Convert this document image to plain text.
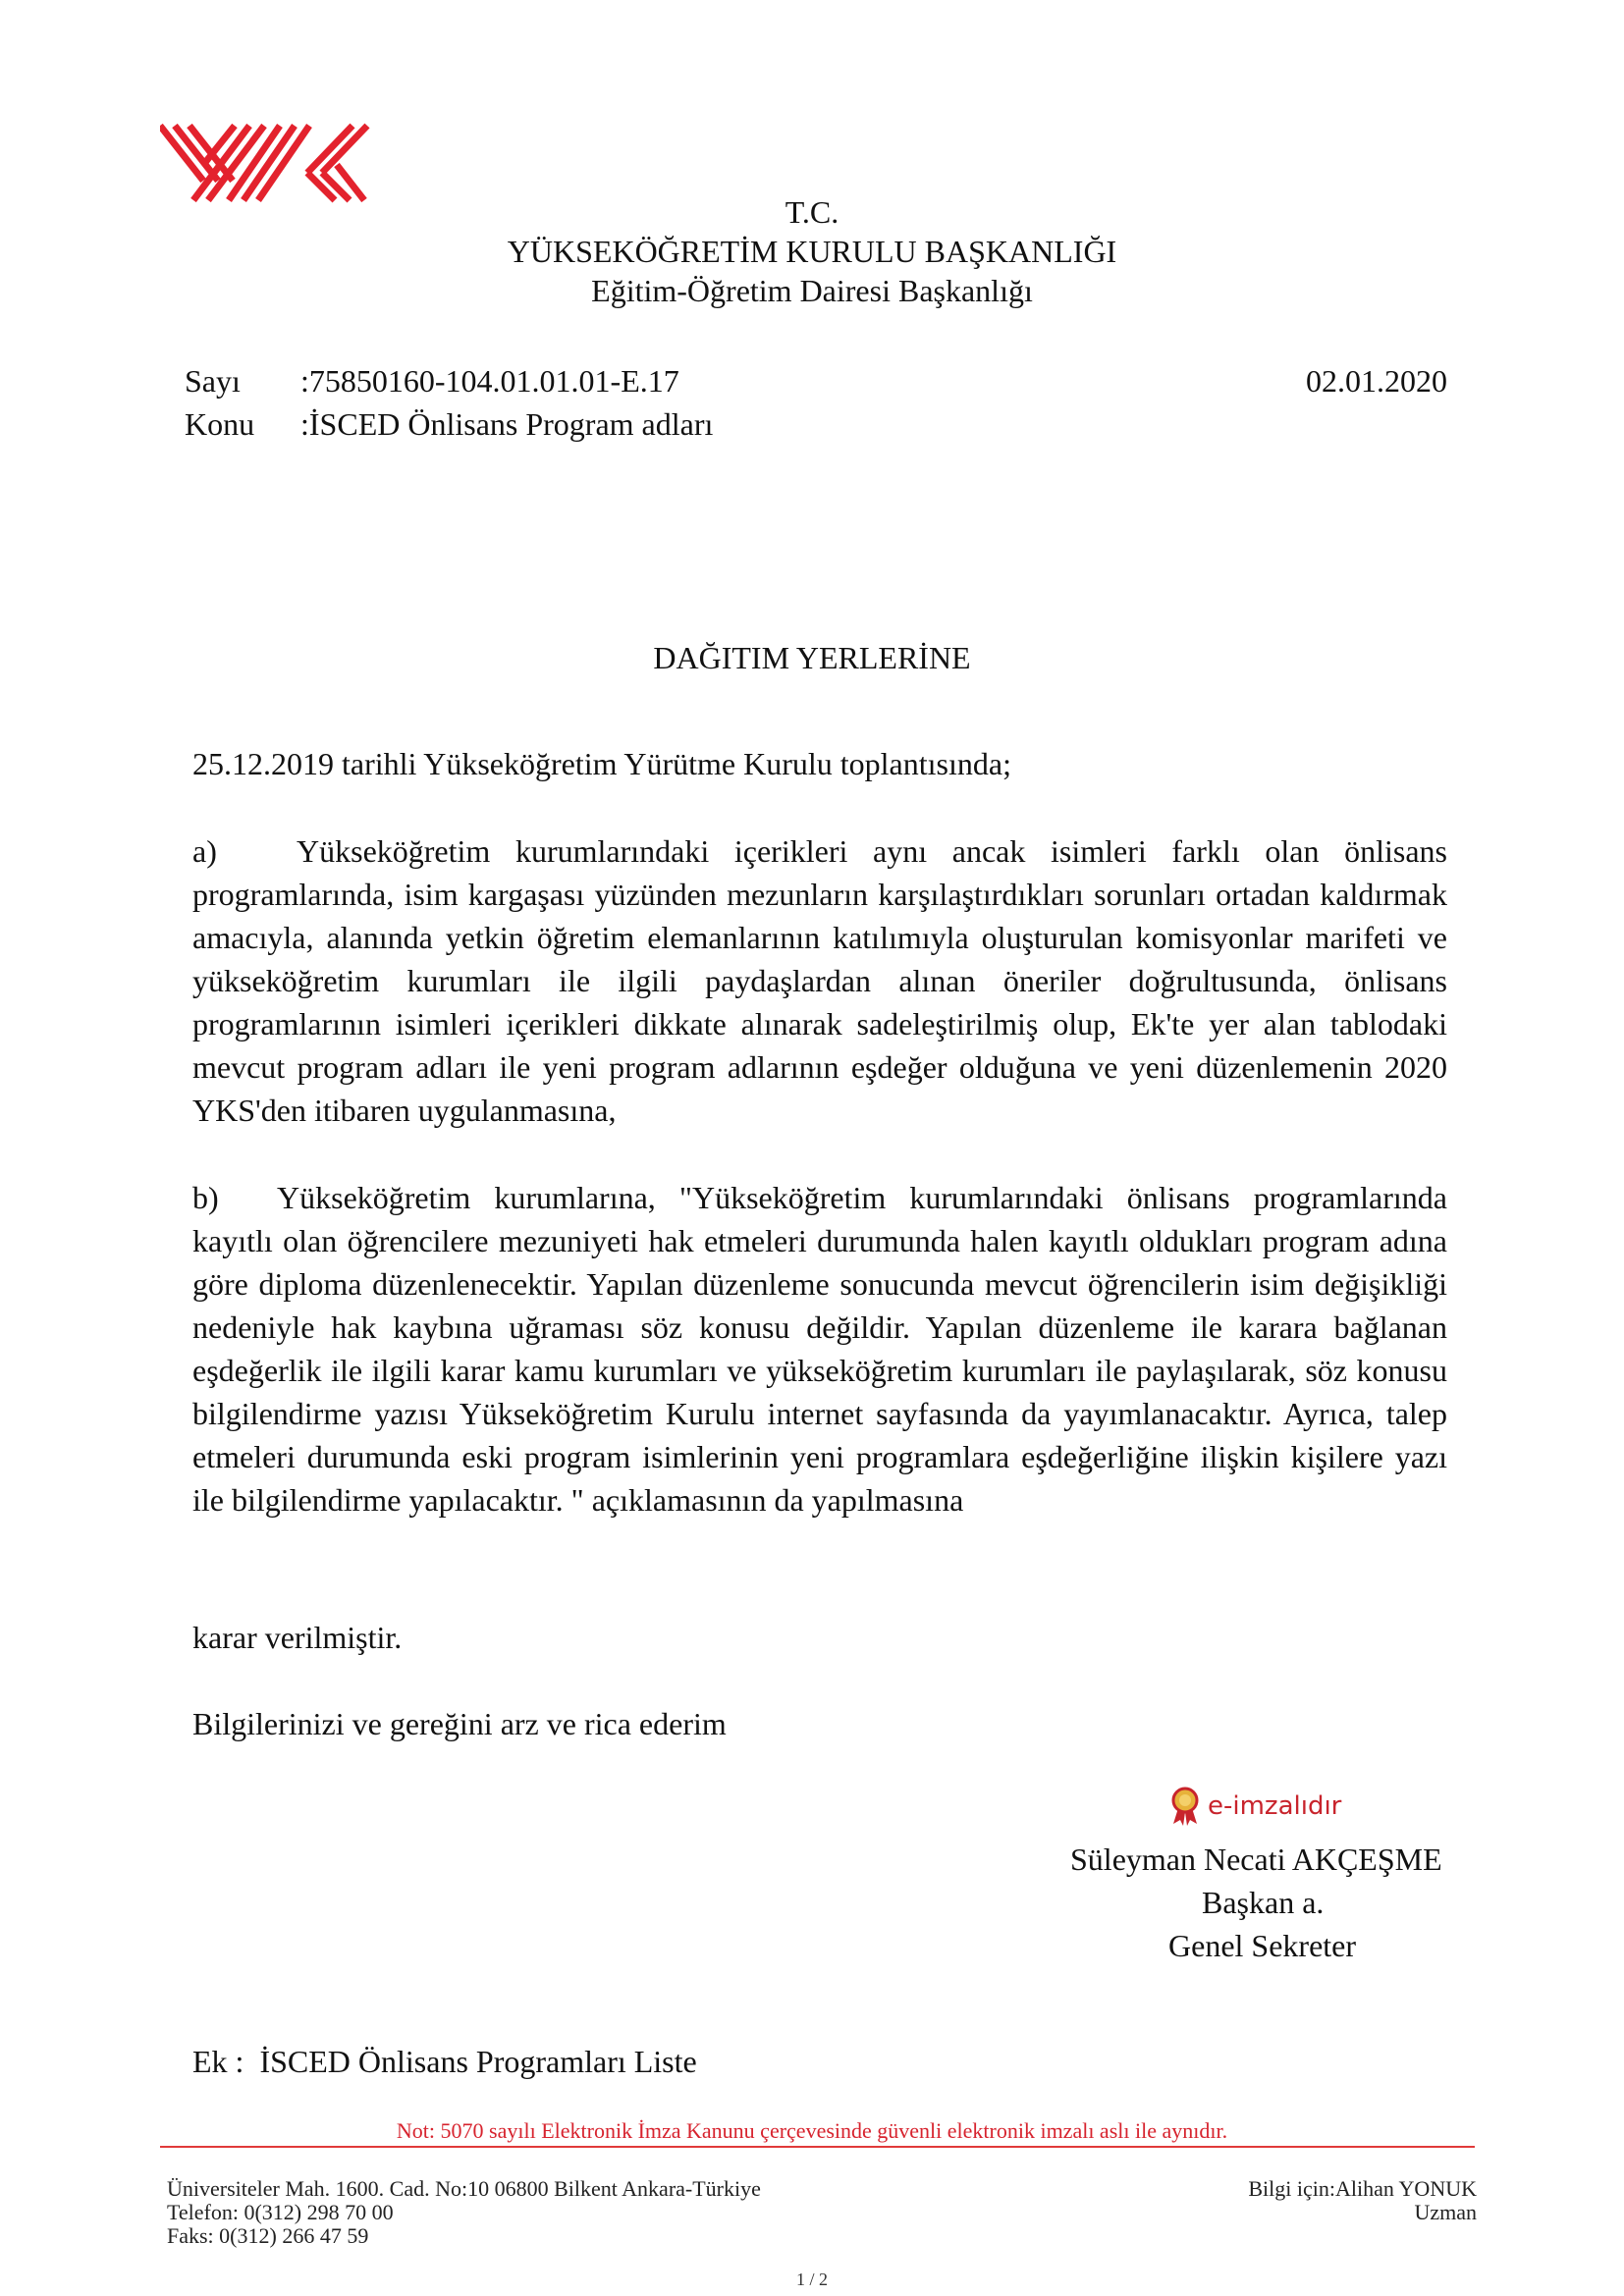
T.C.
YÜKSEKÖĞRETİM KURULU BAŞKANLIĞI
Eğitim-Öğretim Dairesi Başkanlığı
Sayı :75850160-104.01.01.01-E.17	02.01.2020
Konu :İSCED Önlisans Program adları
DAĞITIM YERLERİNE
25.12.2019 tarihli Yükseköğretim Yürütme Kurulu toplantısında;
a)	Yükseköğretim kurumlarındaki içerikleri aynı ancak isimleri farklı olan önlisans programlarında, isim kargaşası yüzünden mezunların karşılaştırdıkları sorunları ortadan kaldırmak amacıyla, alanında yetkin öğretim elemanlarının katılımıyla oluşturulan komisyonlar marifeti ve yükseköğretim kurumları ile ilgili paydaşlardan alınan öneriler doğrultusunda, önlisans programlarının isimleri içerikleri dikkate alınarak sadeleştirilmiş olup, Ek'te yer alan tablodaki mevcut program adları ile yeni program adlarının eşdeğer olduğuna ve yeni düzenlemenin 2020 YKS'den itibaren uygulanmasına,
b) Yükseköğretim kurumlarına, "Yükseköğretim kurumlarındaki önlisans programlarında kayıtlı olan öğrencilere mezuniyeti hak etmeleri durumunda halen kayıtlı oldukları program adına göre diploma düzenlenecektir. Yapılan düzenleme sonucunda mevcut öğrencilerin isim değişikliği nedeniyle hak kaybına uğraması söz konusu değildir. Yapılan düzenleme ile karara bağlanan eşdeğerlik ile ilgili karar kamu kurumları ve yükseköğretim kurumları ile paylaşılarak, söz konusu bilgilendirme yazısı Yükseköğretim Kurulu internet sayfasında da yayımlanacaktır. Ayrıca, talep etmeleri durumunda eski program isimlerinin yeni programlara eşdeğerliğine ilişkin kişilere yazı ile bilgilendirme yapılacaktır. " açıklamasının da yapılmasına
karar verilmiştir.
Bilgilerinizi ve gereğini arz ve rica ederim
e-imzalıdır
Süleyman Necati AKÇEŞME
Başkan a.
Genel Sekreter
Ek : İSCED Önlisans Programları Liste
Not: 5070 sayılı Elektronik İmza Kanunu çerçevesinde güvenli elektronik imzalı aslı ile aynıdır.
Üniversiteler Mah. 1600. Cad. No:10 06800 Bilkent Ankara-Türkiye
Telefon: 0(312) 298 70 00
Faks: 0(312) 266 47 59
Bilgi için:Alihan YONUK
Uzman
1 / 2
